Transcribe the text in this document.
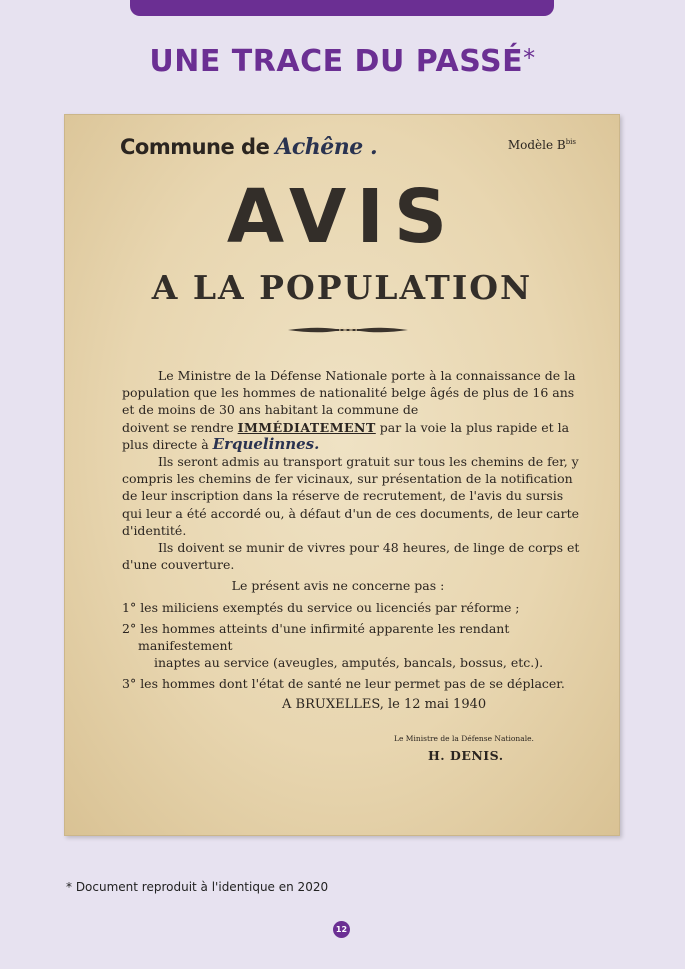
UNE TRACE DU PASSÉ*
Commune de Achêne .	Modèle $B^{bis}$
AVIS
A LA POPULATION

Le Ministre de la Défense Nationale porte à la connaissance de la population que les hommes de nationalité belge âgés de plus de 16 ans et de moins de 30 ans habitant la commune de

doivent se rendre IMMÉDIATEMENT par la voie la plus rapide et la plus directe à Erquelinnes.

Ils seront admis au transport gratuit sur tous les chemins de fer, y compris les chemins de fer vicinaux, sur présentation de la notification de leur inscription dans la réserve de recrutement, de l'avis du sursis qui leur a été accordé ou, à défaut d'un de ces documents, de leur carte d'identité.

Ils doivent se munir de vivres pour 48 heures, de linge de corps et d'une couverture.

Le présent avis ne concerne pas :

1° les miliciens exemptés du service ou licenciés par réforme ;

2° les hommes atteints d'une infirmité apparente les rendant manifestement
inaptes au service (aveugles, amputés, bancals, bossus, etc.).

3° les hommes dont l'état de santé ne leur permet pas de se déplacer.

A BRUXELLES, le 12 mai 1940
Le Ministre de la Défense Nationale.
H. DENIS.
* Document reproduit à l'identique en 2020
12
